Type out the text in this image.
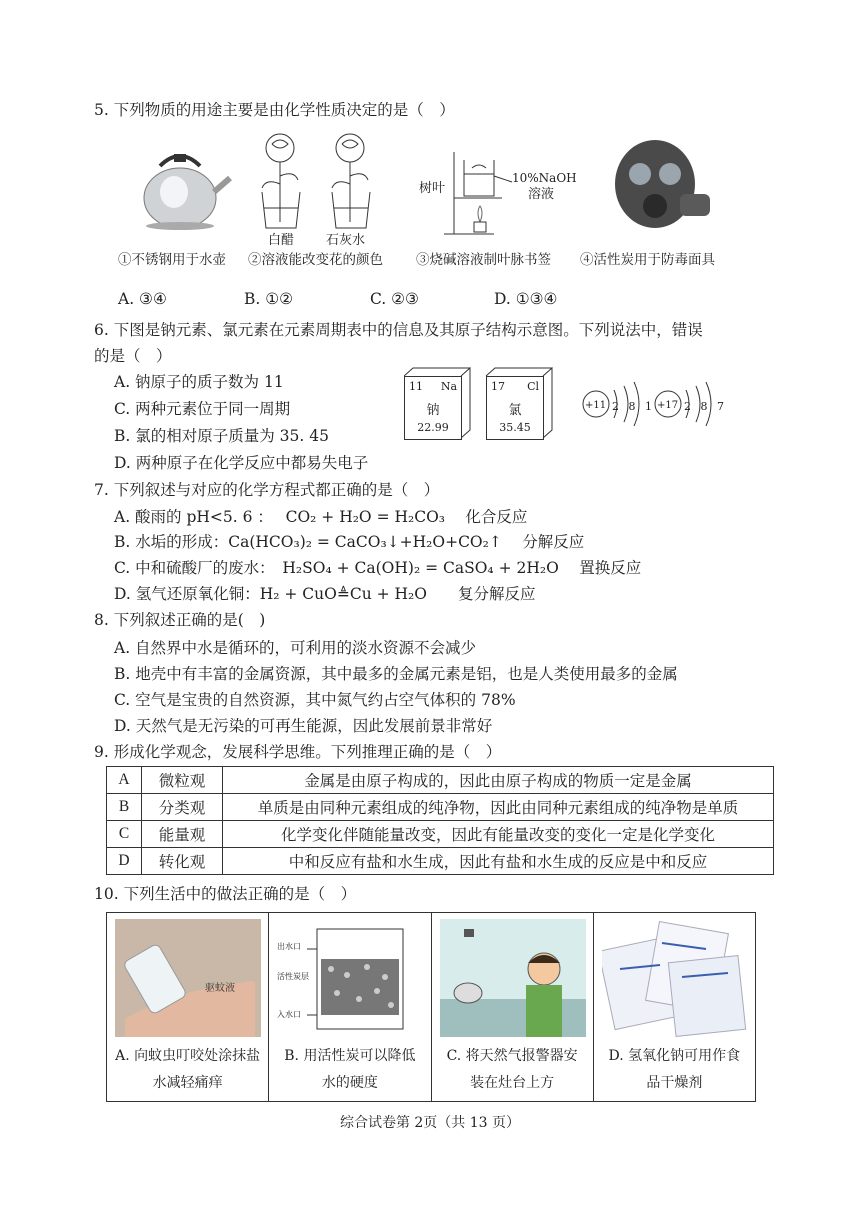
5. 下列物质的用途主要是由化学性质决定的是（　）
白醋 石灰水
树叶
10%NaOH
溶液
①不锈钢用于水壶 ②溶液能改变花的颜色 ③烧碱溶液制叶脉书签 ④活性炭用于防毒面具
A. ③④	B. ①②	C. ②③	D. ①③④
6. 下图是钠元素、氯元素在元素周期表中的信息及其原子结构示意图。下列说法中，错误
的是（　）
A. 钠原子的质子数为 11
C. 两种元素位于同一周期
B. 氯的相对原子质量为 35. 45
D. 两种原子在化学反应中都易失电子
11 Na
钠
22.99
17 Cl
氯
35.45
+11 2 8 1 +17 2 8 7
7. 下列叙述与对应的化学方程式都正确的是（　）
A. 酸雨的 pH<5. 6 ：　 CO₂ + H₂O = H₂CO₃　 化合反应
B. 水垢的形成：Ca(HCO₃)₂ = CaCO₃↓+H₂O+CO₂↑　 分解反应
C. 中和硫酸厂的废水：　H₂SO₄ + Ca(OH)₂ = CaSO₄ + 2H₂O　 置换反应
D. 氢气还原氧化铜：H₂ + CuO≜Cu + H₂O　　复分解反应
8. 下列叙述正确的是(　)
A. 自然界中水是循环的，可利用的淡水资源不会减少
B. 地壳中有丰富的金属资源，其中最多的金属元素是铝，也是人类使用最多的金属
C. 空气是宝贵的自然资源，其中氮气约占空气体积的 78%
D. 天然气是无污染的可再生能源，因此发展前景非常好
9. 形成化学观念，发展科学思维。下列推理正确的是（　）
A	微粒观	金属是由原子构成的，因此由原子构成的物质一定是金属
B	分类观	单质是由同种元素组成的纯净物，因此由同种元素组成的纯净物是单质
C	能量观	化学变化伴随能量改变，因此有能量改变的变化一定是化学变化
D	转化观	中和反应有盐和水生成，因此有盐和水生成的反应是中和反应
10. 下列生活中的做法正确的是（　）
驱蚊液
A. 向蚊虫叮咬处涂抹盐
水减轻痛痒
出水口
活性炭层
入水口
B. 用活性炭可以降低
水的硬度
C. 将天然气报警器安
装在灶台上方
D. 氢氧化钠可用作食
品干燥剂
综合试卷第 2页（共 13 页）
